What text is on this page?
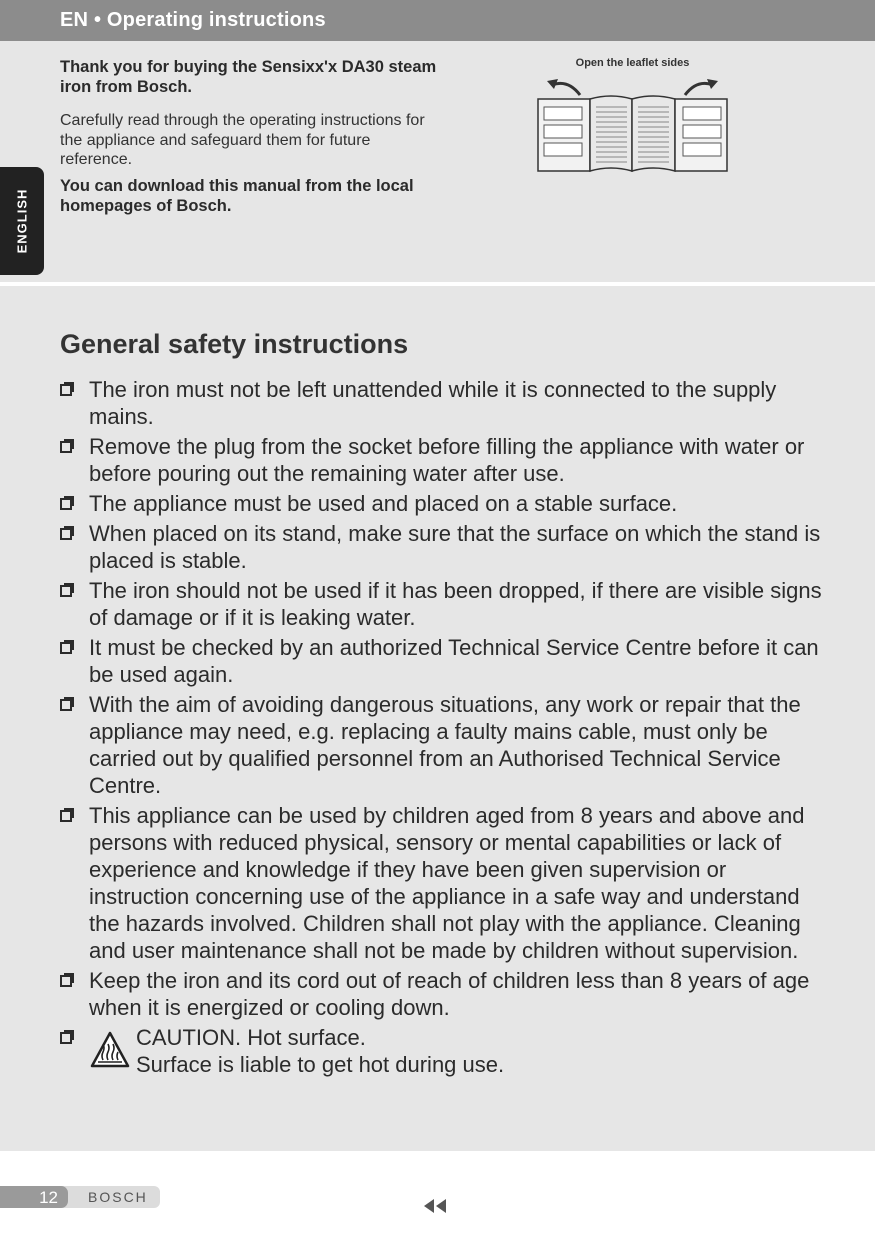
EN • Operating instructions
ENGLISH

Thank you for buying the Sensixx'x DA30 steam iron from Bosch.

Carefully read through the operating instructions for the appliance and safeguard them for future reference.

You can download this manual from the local homepages of Bosch.

Open the leaflet sides
General safety instructions
The iron must not be left unattended while it is connected to the supply mains.
Remove the plug from the socket before filling the appliance with water or before pouring out the remaining water after use.
The appliance must be used and placed on a stable surface.
When placed on its stand, make sure that the surface on which the stand is placed is stable.
The iron should not be used if it has been dropped, if there are visible signs of damage or if it is leaking water.
It must be checked by an authorized Technical Service Centre before it can be used again.
With the aim of avoiding dangerous situations, any work or repair that the appliance may need, e.g. replacing a faulty mains cable, must only be carried out by qualified personnel from an Authorised Technical Service Centre.
This appliance can be used by children aged from 8 years and above and persons with reduced physical, sensory or mental capabilities or lack of experience and knowledge if they have been given supervision or instruction concerning use of the appliance in a safe way and understand the hazards involved. Children shall not play with the appliance. Cleaning and user maintenance shall not be made by children without supervision.
Keep the iron and its cord out of reach of children less than 8 years of age when it is energized or cooling down.
CAUTION. Hot surface.
Surface is liable to get hot during use.
12 BOSCH
